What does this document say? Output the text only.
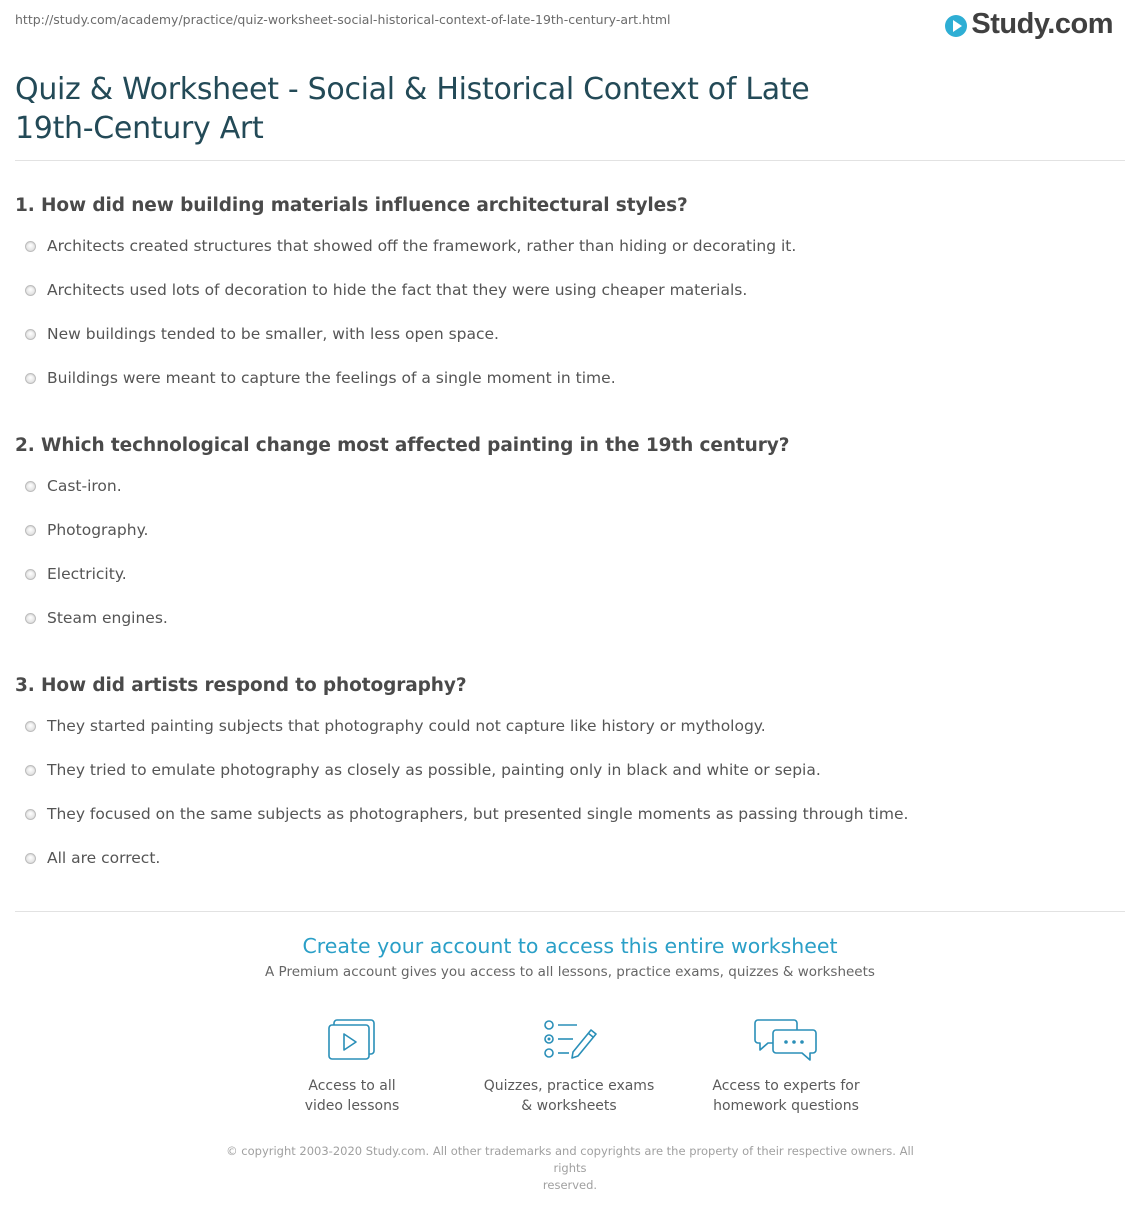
http://study.com/academy/practice/quiz-worksheet-social-historical-context-of-late-19th-century-art.html	Study.com
Quiz & Worksheet - Social & Historical Context of Late
19th-Century Art
1. How did new building materials influence architectural styles?
Architects created structures that showed off the framework, rather than hiding or decorating it.
Architects used lots of decoration to hide the fact that they were using cheaper materials.
New buildings tended to be smaller, with less open space.
Buildings were meant to capture the feelings of a single moment in time.
2. Which technological change most affected painting in the 19th century?
Cast-iron.
Photography.
Electricity.
Steam engines.
3. How did artists respond to photography?
They started painting subjects that photography could not capture like history or mythology.
They tried to emulate photography as closely as possible, painting only in black and white or sepia.
They focused on the same subjects as photographers, but presented single moments as passing through time.
All are correct.
Create your account to access this entire worksheet
A Premium account gives you access to all lessons, practice exams, quizzes & worksheets
Access to all
video lessons
Quizzes, practice exams
& worksheets
Access to experts for
homework questions
© copyright 2003-2020 Study.com. All other trademarks and copyrights are the property of their respective owners. All rights
reserved.
